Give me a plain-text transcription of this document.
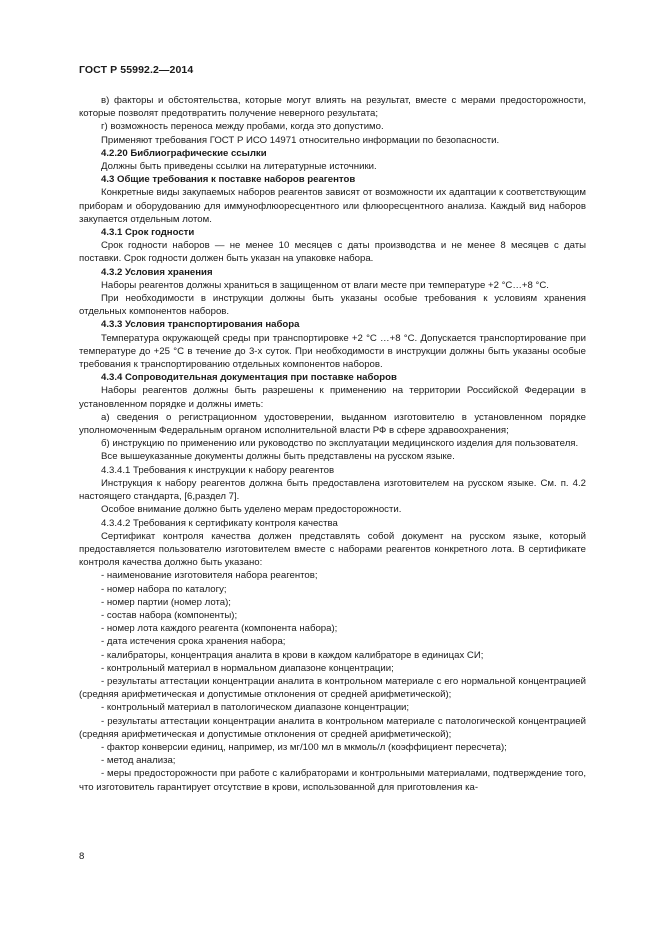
ГОСТ Р 55992.2—2014

в) факторы и обстоятельства, которые могут влиять на результат, вместе с мерами предосторожности, которые позволят предотвратить получение неверного результата;

г) возможность переноса между пробами, когда это допустимо.

Применяют требования ГОСТ Р ИСО 14971 относительно информации по безопасности.

4.2.20 Библиографические ссылки

Должны быть приведены ссылки на литературные источники.

4.3 Общие требования к поставке наборов реагентов

Конкретные виды закупаемых наборов реагентов зависят от возможности их адаптации к соответствующим приборам и оборудованию для иммунофлюоресцентного или флюоресцентного анализа. Каждый вид наборов закупается отдельным лотом.

4.3.1 Срок годности

Срок годности наборов — не менее 10 месяцев с даты производства и не менее 8 месяцев с даты поставки. Срок годности должен быть указан на упаковке набора.

4.3.2 Условия хранения

Наборы реагентов должны храниться в защищенном от влаги месте при температуре +2 °С…+8 °С.

При необходимости в инструкции должны быть указаны особые требования к условиям хранения отдельных компонентов наборов.

4.3.3 Условия транспортирования набора

Температура окружающей среды при транспортировке +2 °С …+8 °С. Допускается транспортирование при температуре до +25 °С в течение до 3-х суток. При необходимости в инструкции должны быть указаны особые требования к транспортированию отдельных компонентов наборов.

4.3.4 Сопроводительная документация при поставке наборов

Наборы реагентов должны быть разрешены к применению на территории Российской Федерации в установленном порядке и должны иметь:

а) сведения о регистрационном удостоверении, выданном изготовителю в установленном порядке уполномоченным Федеральным органом исполнительной власти РФ в сфере здравоохранения;

б) инструкцию по применению или руководство по эксплуатации медицинского изделия для пользователя.

Все вышеуказанные документы должны быть представлены на русском языке.

4.3.4.1 Требования к инструкции к набору реагентов

Инструкция к набору реагентов должна быть предоставлена изготовителем на русском языке. См. п. 4.2 настоящего стандарта, [6,раздел 7].

Особое внимание должно быть уделено мерам предосторожности.

4.3.4.2 Требования к сертификату контроля качества

Сертификат контроля качества должен представлять собой документ на русском языке, который предоставляется пользователю изготовителем вместе с наборами реагентов конкретного лота. В сертификате контроля качества должно быть указано:

- наименование изготовителя набора реагентов;

- номер набора по каталогу;

- номер партии (номер лота);

- состав набора (компоненты);

- номер лота каждого реагента (компонента набора);

- дата истечения срока хранения набора;

- калибраторы, концентрация аналита в крови в каждом калибраторе в единицах СИ;

- контрольный материал в нормальном диапазоне концентрации;

- результаты аттестации концентрации аналита в контрольном материале с его нормальной концентрацией (средняя арифметическая и допустимые отклонения от средней арифметической);

- контрольный материал в патологическом диапазоне концентрации;

- результаты аттестации концентрации аналита в контрольном материале с патологической концентрацией (средняя арифметическая и допустимые отклонения от средней арифметической);

- фактор конверсии единиц, например, из мг/100 мл в мкмоль/л (коэффициент пересчета);

- метод анализа;

- меры предосторожности при работе с калибраторами и контрольными материалами, подтверждение того, что изготовитель гарантирует отсутствие в крови, использованной для приготовления ка-

8
